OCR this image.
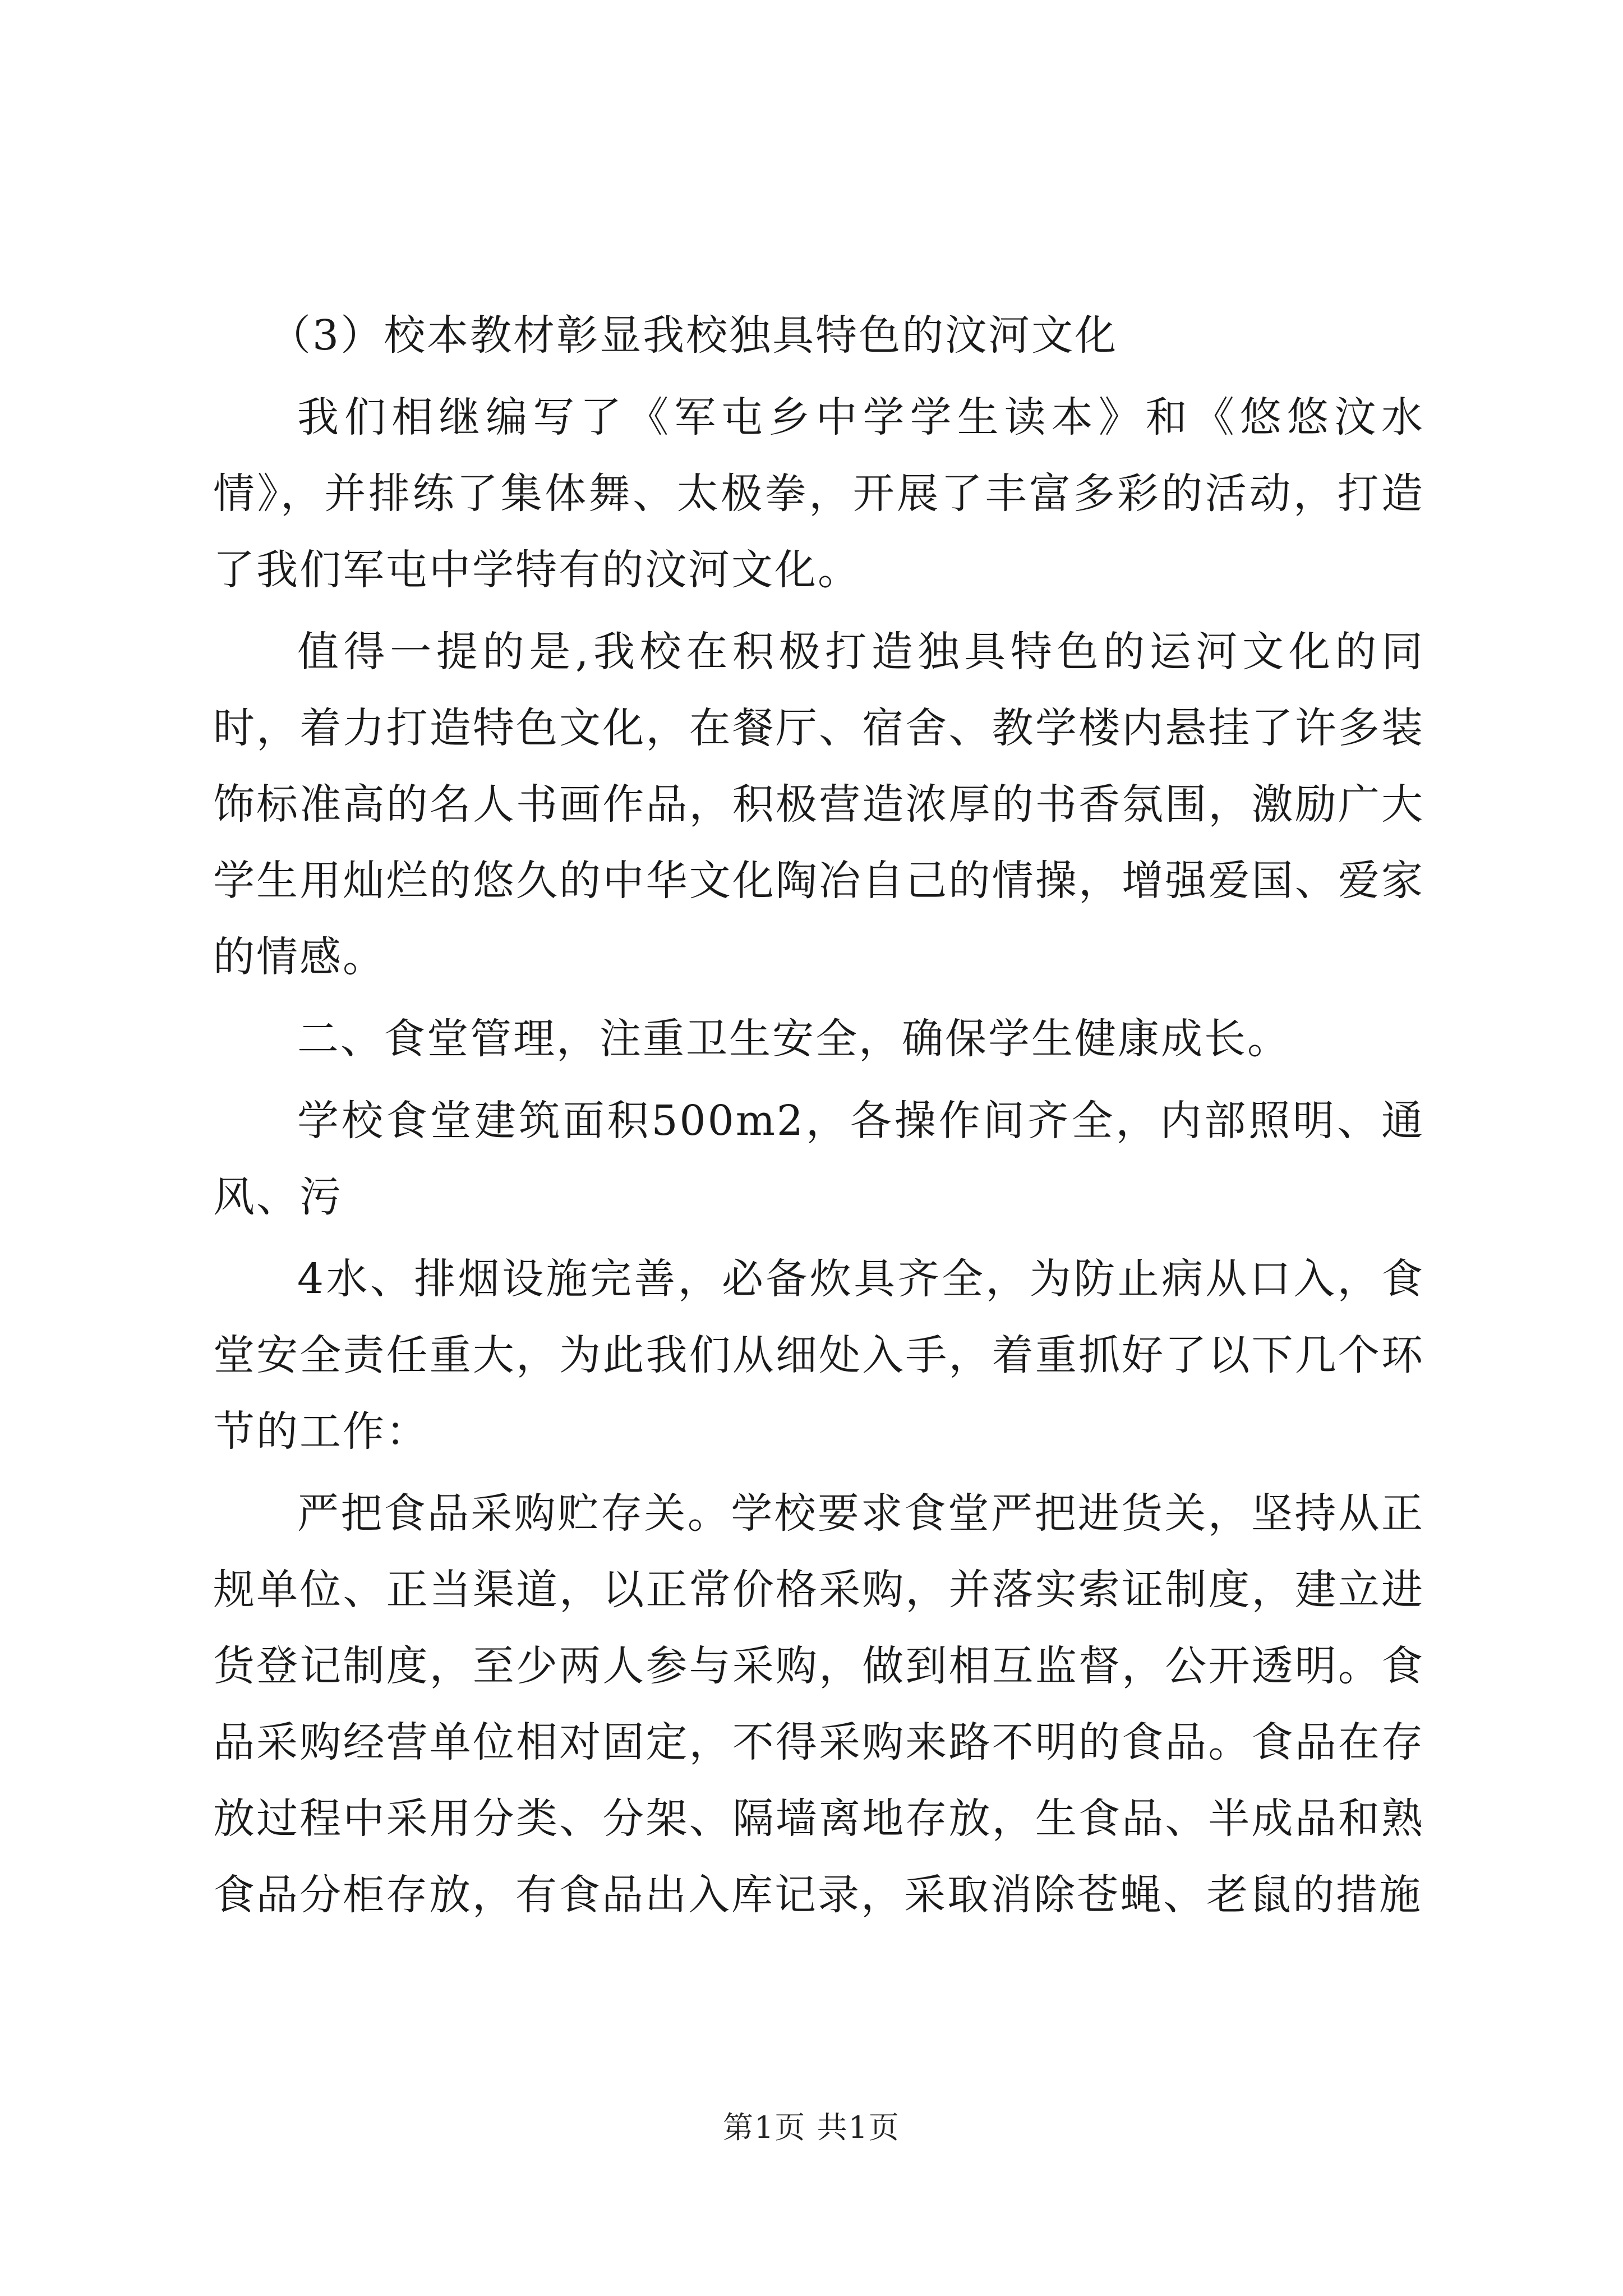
（3）校本教材彰显我校独具特色的汶河文化

我们相继编写了《军屯乡中学学生读本》和《悠悠汶水情》，并排练了集体舞、太极拳，开展了丰富多彩的活动，打造了我们军屯中学特有的汶河文化。

值得一提的是,我校在积极打造独具特色的运河文化的同时，着力打造特色文化，在餐厅、宿舍、教学楼内悬挂了许多装饰标准高的名人书画作品，积极营造浓厚的书香氛围，激励广大学生用灿烂的悠久的中华文化陶冶自己的情操，增强爱国、爱家的情感。

二、食堂管理，注重卫生安全，确保学生健康成长。

学校食堂建筑面积500m2，各操作间齐全，内部照明、通风、污

4水、排烟设施完善，必备炊具齐全，为防止病从口入，食堂安全责任重大，为此我们从细处入手，着重抓好了以下几个环节的工作：

严把食品采购贮存关。学校要求食堂严把进货关，坚持从正规单位、正当渠道，以正常价格采购，并落实索证制度，建立进货登记制度，至少两人参与采购，做到相互监督，公开透明。食品采购经营单位相对固定，不得采购来路不明的食品。食品在存放过程中采用分类、分架、隔墙离地存放，生食品、半成品和熟食品分柜存放，有食品出入库记录，采取消除苍蝇、老鼠的措施

第1页 共1页
